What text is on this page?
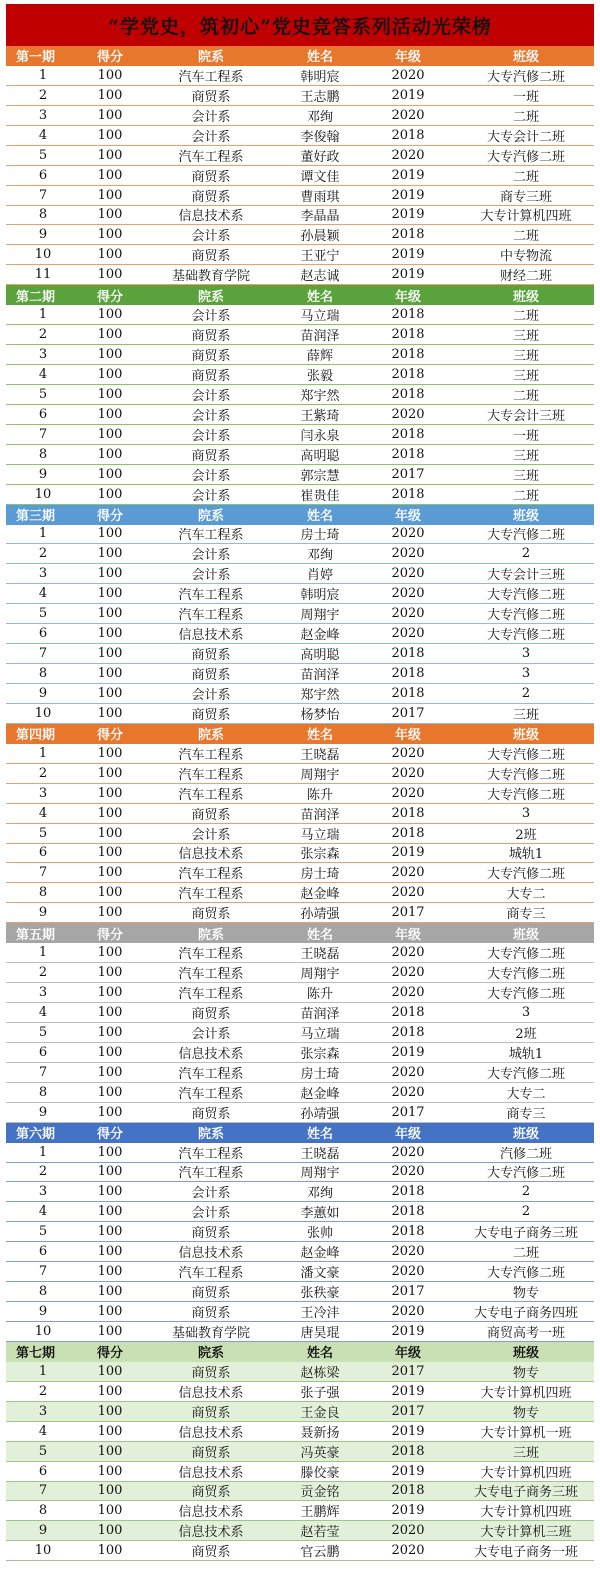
“学党史，筑初心”党史竞答系列活动光荣榜
第一期	得分	院系	姓名	年级	班级
1	100	汽车工程系	韩明宸	2020	大专汽修二班
2	100	商贸系	王志鹏	2019	一班
3	100	会计系	邓绚	2020	二班
4	100	会计系	李俊翰	2018	大专会计二班
5	100	汽车工程系	董好政	2020	大专汽修二班
6	100	商贸系	谭文佳	2019	二班
7	100	商贸系	曹雨琪	2019	商专三班
8	100	信息技术系	李晶晶	2019	大专计算机四班
9	100	会计系	孙晨颖	2018	二班
10	100	商贸系	王亚宁	2019	中专物流
11	100	基础教育学院	赵志诚	2019	财经二班
第二期	得分	院系	姓名	年级	班级
1	100	会计系	马立瑞	2018	二班
2	100	商贸系	苗润泽	2018	三班
3	100	商贸系	薛辉	2018	三班
4	100	商贸系	张毅	2018	三班
5	100	会计系	郑宇然	2018	二班
6	100	会计系	王紫琦	2020	大专会计三班
7	100	会计系	闫永泉	2018	一班
8	100	商贸系	高明聪	2018	三班
9	100	会计系	郭宗慧	2017	三班
10	100	会计系	崔贵佳	2018	二班
第三期	得分	院系	姓名	年级	班级
1	100	汽车工程系	房士琦	2020	大专汽修二班
2	100	会计系	邓绚	2020	2
3	100	会计系	肖婷	2020	大专会计三班
4	100	汽车工程系	韩明宸	2020	大专汽修二班
5	100	汽车工程系	周翔宇	2020	大专汽修二班
6	100	信息技术系	赵金峰	2020	大专汽修二班
7	100	商贸系	高明聪	2018	3
8	100	商贸系	苗润泽	2018	3
9	100	会计系	郑宇然	2018	2
10	100	商贸系	杨梦怡	2017	三班
第四期	得分	院系	姓名	年级	班级
1	100	汽车工程系	王晓磊	2020	大专汽修二班
2	100	汽车工程系	周翔宇	2020	大专汽修二班
3	100	汽车工程系	陈升	2020	大专汽修二班
4	100	商贸系	苗润泽	2018	3
5	100	会计系	马立瑞	2018	2班
6	100	信息技术系	张宗森	2019	城轨1
7	100	汽车工程系	房士琦	2020	大专汽修二班
8	100	汽车工程系	赵金峰	2020	大专二
9	100	商贸系	孙靖强	2017	商专三
第五期	得分	院系	姓名	年级	班级
1	100	汽车工程系	王晓磊	2020	大专汽修二班
2	100	汽车工程系	周翔宇	2020	大专汽修二班
3	100	汽车工程系	陈升	2020	大专汽修二班
4	100	商贸系	苗润泽	2018	3
5	100	会计系	马立瑞	2018	2班
6	100	信息技术系	张宗森	2019	城轨1
7	100	汽车工程系	房士琦	2020	大专汽修二班
8	100	汽车工程系	赵金峰	2020	大专二
9	100	商贸系	孙靖强	2017	商专三
第六期	得分	院系	姓名	年级	班级
1	100	汽车工程系	王晓磊	2020	汽修二班
2	100	汽车工程系	周翔宇	2020	大专汽修二班
3	100	会计系	邓绚	2018	2
4	100	会计系	李蕙如	2018	2
5	100	商贸系	张帅	2018	大专电子商务三班
6	100	信息技术系	赵金峰	2020	二班
7	100	汽车工程系	潘文豪	2020	大专汽修二班
8	100	商贸系	张秩豪	2017	物专
9	100	商贸系	王冷沣	2020	大专电子商务四班
10	100	基础教育学院	唐昊琨	2019	商贸高考一班
第七期	得分	院系	姓名	年级	班级
1	100	商贸系	赵栋梁	2017	物专
2	100	信息技术系	张子强	2019	大专计算机四班
3	100	商贸系	王金良	2017	物专
4	100	信息技术系	聂新扬	2019	大专计算机一班
5	100	商贸系	冯英豪	2018	三班
6	100	信息技术系	滕佼豪	2019	大专计算机四班
7	100	商贸系	贡金铭	2018	大专电子商务三班
8	100	信息技术系	王鹏辉	2019	大专计算机四班
9	100	信息技术系	赵若莹	2020	大专计算机三班
10	100	商贸系	官云鹏	2020	大专电子商务一班
